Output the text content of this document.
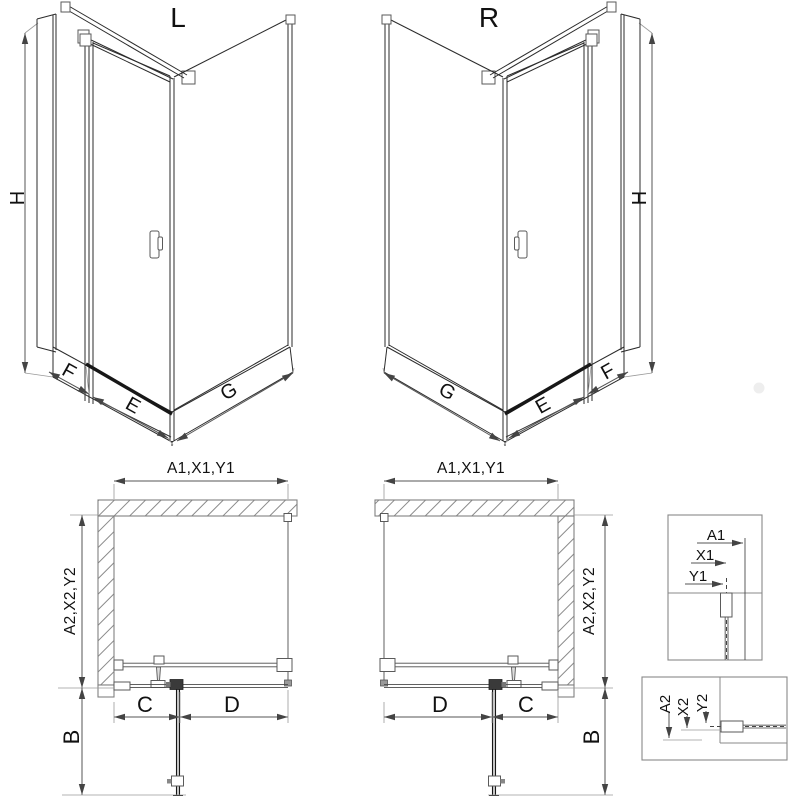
L
H
F
E
G
R
H
F
E
G
A1,X1,Y1
A2,X2,Y2
B
C	D
A1,X1,Y1
A2,X2,Y2
B
D	C
A1
X1
Y1
A2 X2 Y2
